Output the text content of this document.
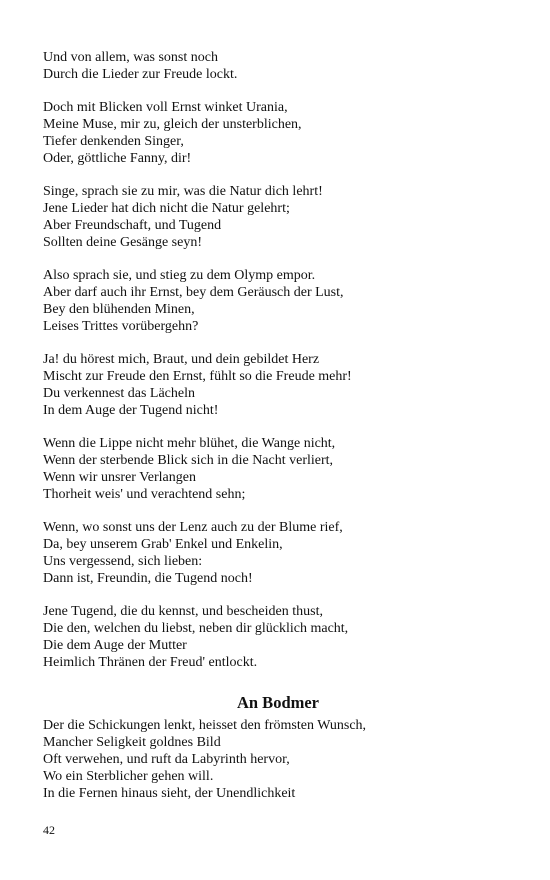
Und von allem, was sonst noch
Durch die Lieder zur Freude lockt.
Doch mit Blicken voll Ernst winket Urania,
Meine Muse, mir zu, gleich der unsterblichen,
Tiefer denkenden Singer,
Oder, göttliche Fanny, dir!
Singe, sprach sie zu mir, was die Natur dich lehrt!
Jene Lieder hat dich nicht die Natur gelehrt;
Aber Freundschaft, und Tugend
Sollten deine Gesänge seyn!
Also sprach sie, und stieg zu dem Olymp empor.
Aber darf auch ihr Ernst, bey dem Geräusch der Lust,
Bey den blühenden Minen,
Leises Trittes vorübergehn?
Ja! du hörest mich, Braut, und dein gebildet Herz
Mischt zur Freude den Ernst, fühlt so die Freude mehr!
Du verkennest das Lächeln
In dem Auge der Tugend nicht!
Wenn die Lippe nicht mehr blühet, die Wange nicht,
Wenn der sterbende Blick sich in die Nacht verliert,
Wenn wir unsrer Verlangen
Thorheit weis' und verachtend sehn;
Wenn, wo sonst uns der Lenz auch zu der Blume rief,
Da, bey unserem Grab' Enkel und Enkelin,
Uns vergessend, sich lieben:
Dann ist, Freundin, die Tugend noch!
Jene Tugend, die du kennst, und bescheiden thust,
Die den, welchen du liebst, neben dir glücklich macht,
Die dem Auge der Mutter
Heimlich Thränen der Freud' entlockt.
An Bodmer
Der die Schickungen lenkt, heisset den frömsten Wunsch,
Mancher Seligkeit goldnes Bild
Oft verwehen, und ruft da Labyrinth hervor,
Wo ein Sterblicher gehen will.
In die Fernen hinaus sieht, der Unendlichkeit
42
